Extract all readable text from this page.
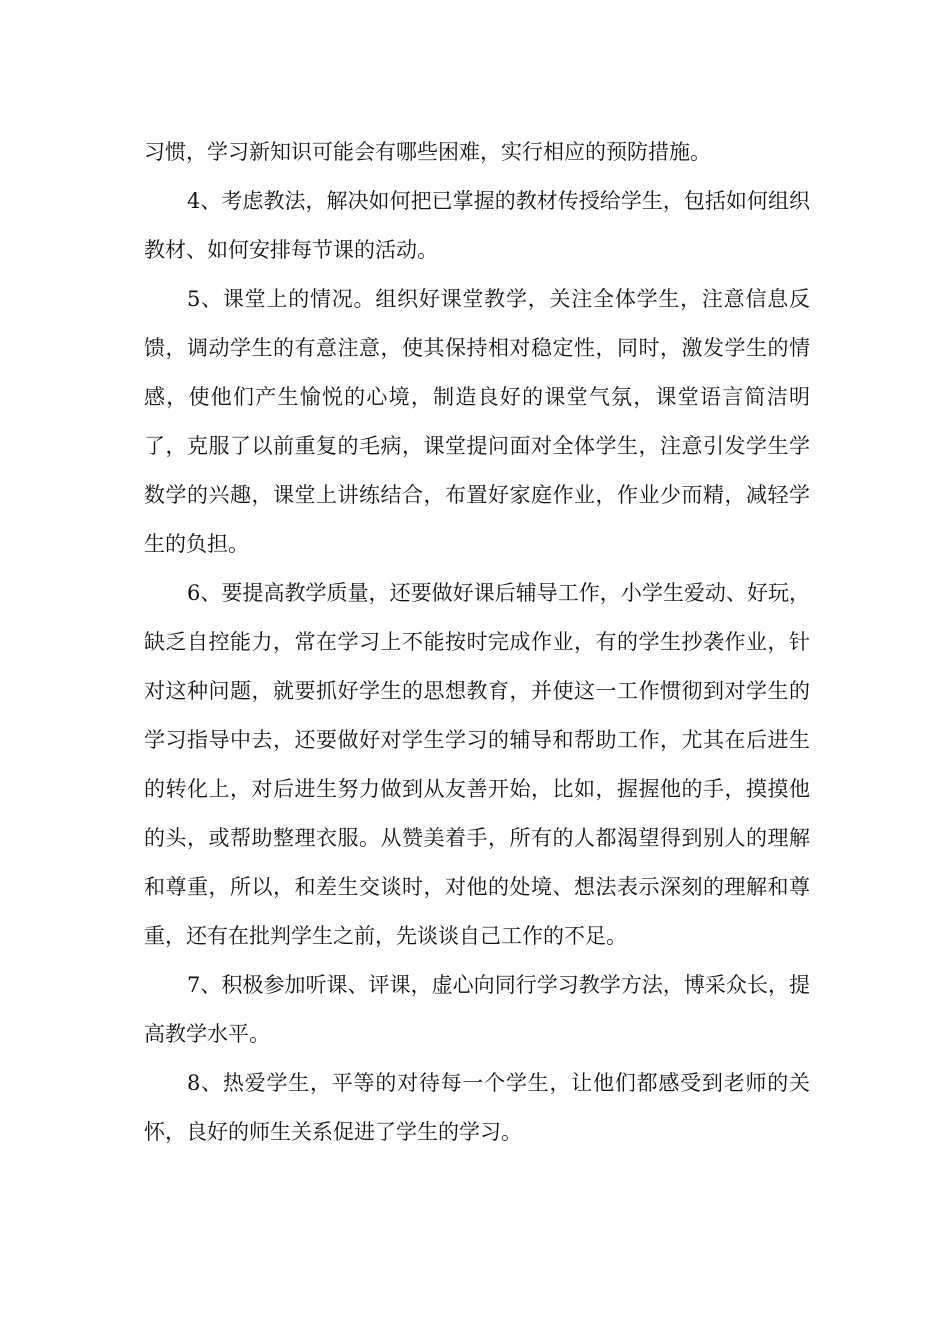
习惯，学习新知识可能会有哪些困难，实行相应的预防措施。

4、考虑教法，解决如何把已掌握的教材传授给学生，包括如何组织教材、如何安排每节课的活动。

5、课堂上的情况。组织好课堂教学，关注全体学生，注意信息反馈，调动学生的有意注意，使其保持相对稳定性，同时，激发学生的情感，使他们产生愉悦的心境，制造良好的课堂气氛，课堂语言简洁明了，克服了以前重复的毛病，课堂提问面对全体学生，注意引发学生学数学的兴趣，课堂上讲练结合，布置好家庭作业，作业少而精，减轻学生的负担。

6、要提高教学质量，还要做好课后辅导工作，小学生爱动、好玩，缺乏自控能力，常在学习上不能按时完成作业，有的学生抄袭作业，针对这种问题，就要抓好学生的思想教育，并使这一工作惯彻到对学生的学习指导中去，还要做好对学生学习的辅导和帮助工作，尤其在后进生的转化上，对后进生努力做到从友善开始，比如，握握他的手，摸摸他的头，或帮助整理衣服。从赞美着手，所有的人都渴望得到别人的理解和尊重，所以，和差生交谈时，对他的处境、想法表示深刻的理解和尊重，还有在批判学生之前，先谈谈自己工作的不足。

7、积极参加听课、评课，虚心向同行学习教学方法，博采众长，提高教学水平。

8、热爱学生，平等的对待每一个学生，让他们都感受到老师的关怀，良好的师生关系促进了学生的学习。
